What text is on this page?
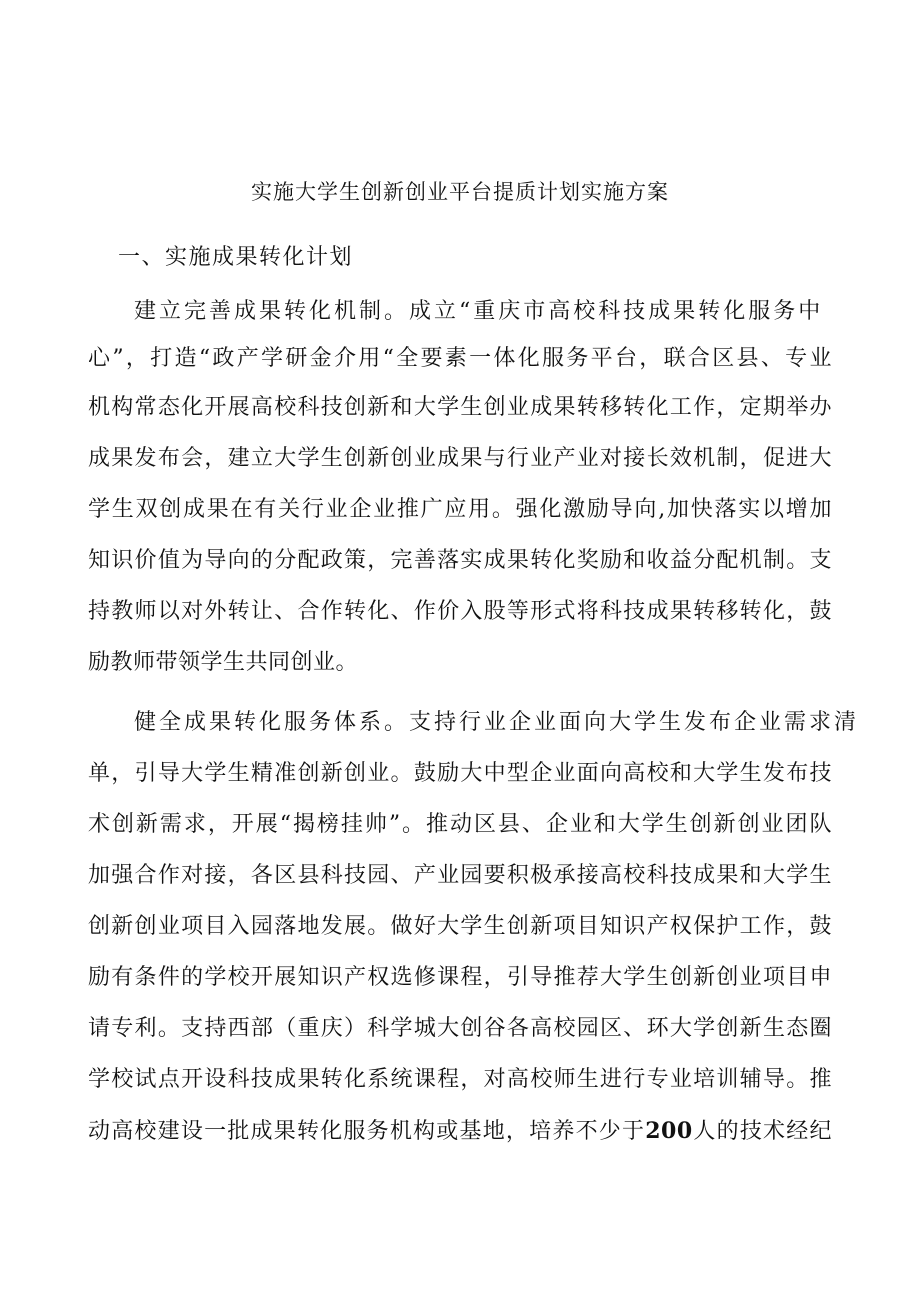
实施大学生创新创业平台提质计划实施方案
一、实施成果转化计划
建立完善成果转化机制。成立“重庆市高校科技成果转化服务中
心”，打造“政产学研金介用“全要素一体化服务平台，联合区县、专业
机构常态化开展高校科技创新和大学生创业成果转移转化工作，定期举办
成果发布会，建立大学生创新创业成果与行业产业对接长效机制，促进大
学生双创成果在有关行业企业推广应用。强化激励导向,加快落实以增加
知识价值为导向的分配政策，完善落实成果转化奖励和收益分配机制。支
持教师以对外转让、合作转化、作价入股等形式将科技成果转移转化，鼓
励教师带领学生共同创业。
健全成果转化服务体系。支持行业企业面向大学生发布企业需求清
单，引导大学生精准创新创业。鼓励大中型企业面向高校和大学生发布技
术创新需求，开展“揭榜挂帅”。推动区县、企业和大学生创新创业团队
加强合作对接，各区县科技园、产业园要积极承接高校科技成果和大学生
创新创业项目入园落地发展。做好大学生创新项目知识产权保护工作，鼓
励有条件的学校开展知识产权选修课程，引导推荐大学生创新创业项目申
请专利。支持西部（重庆）科学城大创谷各高校园区、环大学创新生态圈
学校试点开设科技成果转化系统课程，对高校师生进行专业培训辅导。推
动高校建设一批成果转化服务机构或基地，培养不少于200人的技术经纪
